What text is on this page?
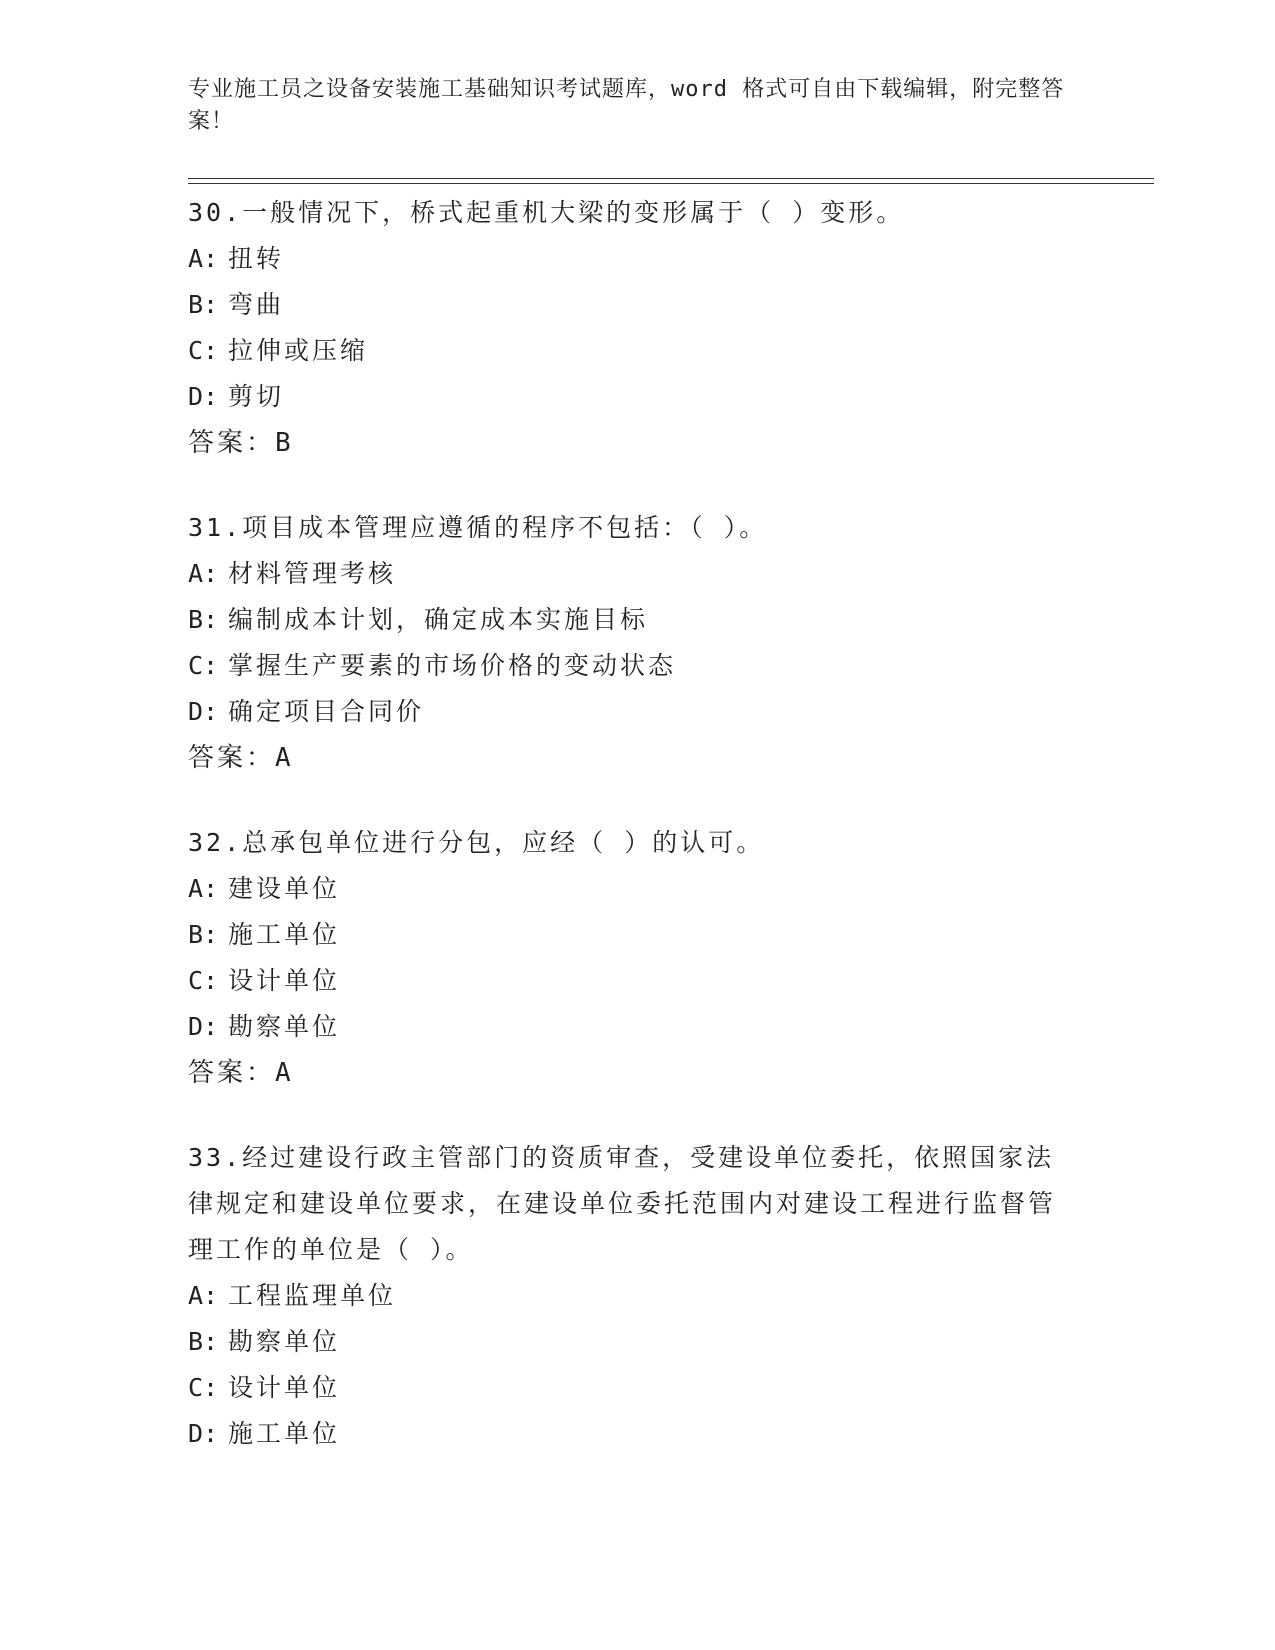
专业施工员之设备安装施工基础知识考试题库，word 格式可自由下载编辑，附完整答案！

30.一般情况下，桥式起重机大梁的变形属于（ ）变形。

A: 扭转

B: 弯曲

C: 拉伸或压缩

D: 剪切

答案：B

31.项目成本管理应遵循的程序不包括：（ ）。

A: 材料管理考核

B: 编制成本计划，确定成本实施目标

C: 掌握生产要素的市场价格的变动状态

D: 确定项目合同价

答案：A

32.总承包单位进行分包，应经（ ）的认可。

A: 建设单位

B: 施工单位

C: 设计单位

D: 勘察单位

答案：A

33.经过建设行政主管部门的资质审查，受建设单位委托，依照国家法律规定和建设单位要求，在建设单位委托范围内对建设工程进行监督管理工作的单位是（ ）。

A: 工程监理单位

B: 勘察单位

C: 设计单位

D: 施工单位
